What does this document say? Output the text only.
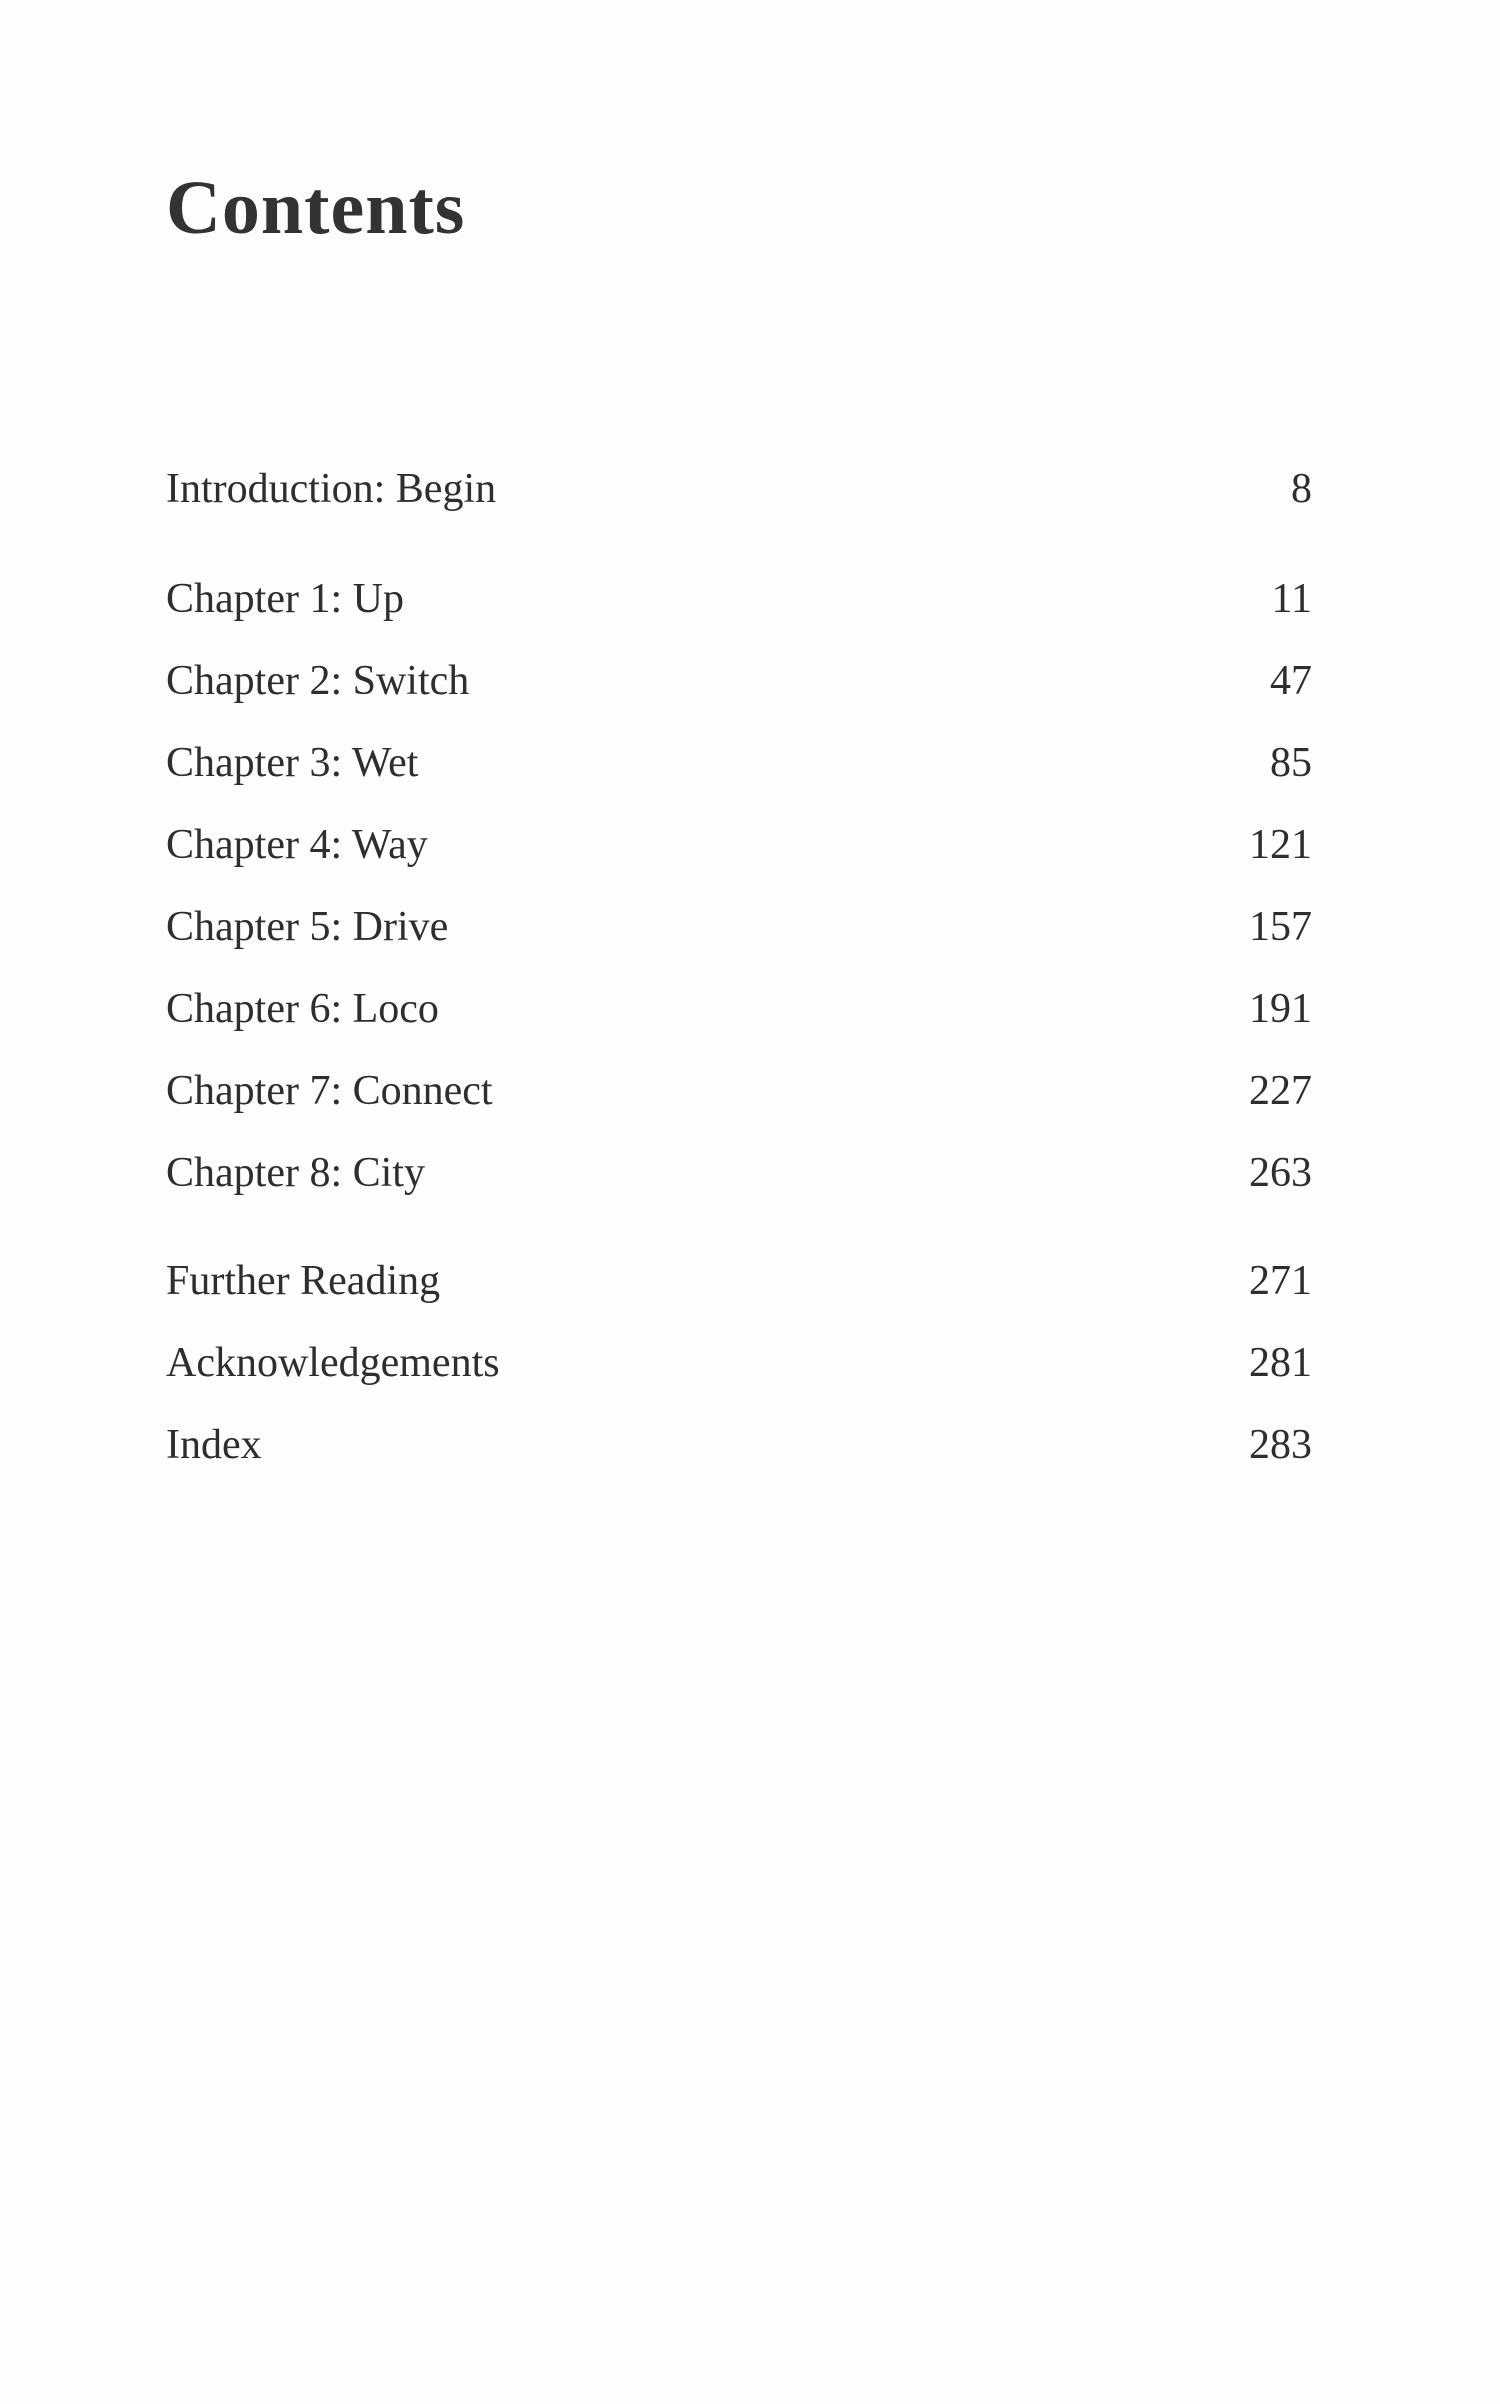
Contents
Introduction: Begin	8
Chapter 1: Up	11
Chapter 2: Switch	47
Chapter 3: Wet	85
Chapter 4: Way	121
Chapter 5: Drive	157
Chapter 6: Loco	191
Chapter 7: Connect	227
Chapter 8: City	263
Further Reading	271
Acknowledgements	281
Index	283
